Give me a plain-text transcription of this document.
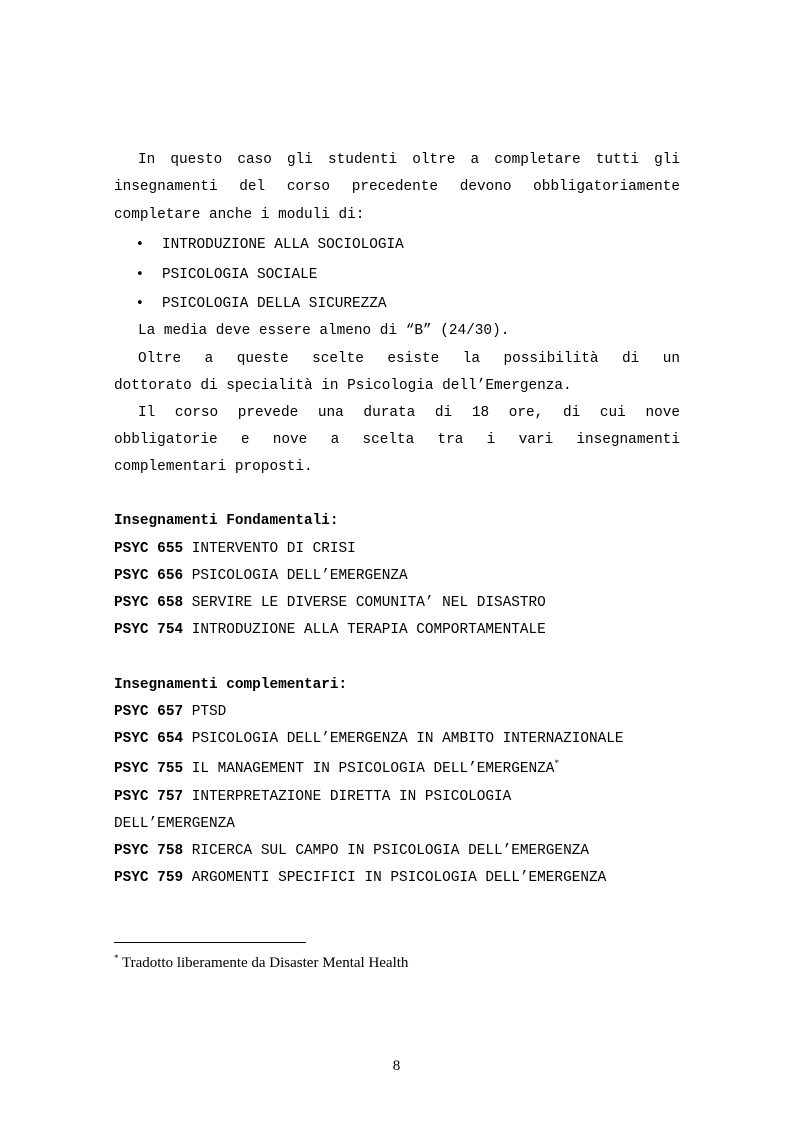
In questo caso gli studenti oltre a completare tutti gli
insegnamenti del corso precedente devono obbligatoriamente
completare anche i moduli di:
• INTRODUZIONE ALLA SOCIOLOGIA
• PSICOLOGIA SOCIALE
• PSICOLOGIA DELLA SICUREZZA
La media deve essere almeno di “B” (24/30).
Oltre a queste scelte esiste la possibilità di un
dottorato di specialità in Psicologia dell’Emergenza.
Il corso prevede una durata di 18 ore, di cui nove
obbligatorie e nove a scelta tra i vari insegnamenti
complementari proposti.
Insegnamenti Fondamentali:
PSYC 655 INTERVENTO DI CRISI
PSYC 656 PSICOLOGIA DELL’EMERGENZA
PSYC 658 SERVIRE LE DIVERSE COMUNITA’ NEL DISASTRO
PSYC 754 INTRODUZIONE ALLA TERAPIA COMPORTAMENTALE
Insegnamenti complementari:
PSYC 657 PTSD
PSYC 654 PSICOLOGIA DELL’EMERGENZA IN AMBITO INTERNAZIONALE
PSYC 755 IL MANAGEMENT IN PSICOLOGIA DELL’EMERGENZA*
PSYC 757 INTERPRETAZIONE DIRETTA IN PSICOLOGIA
DELL’EMERGENZA
PSYC 758 RICERCA SUL CAMPO IN PSICOLOGIA DELL’EMERGENZA
PSYC 759 ARGOMENTI SPECIFICI IN PSICOLOGIA DELL’EMERGENZA
* Tradotto liberamente da Disaster Mental Health
8
